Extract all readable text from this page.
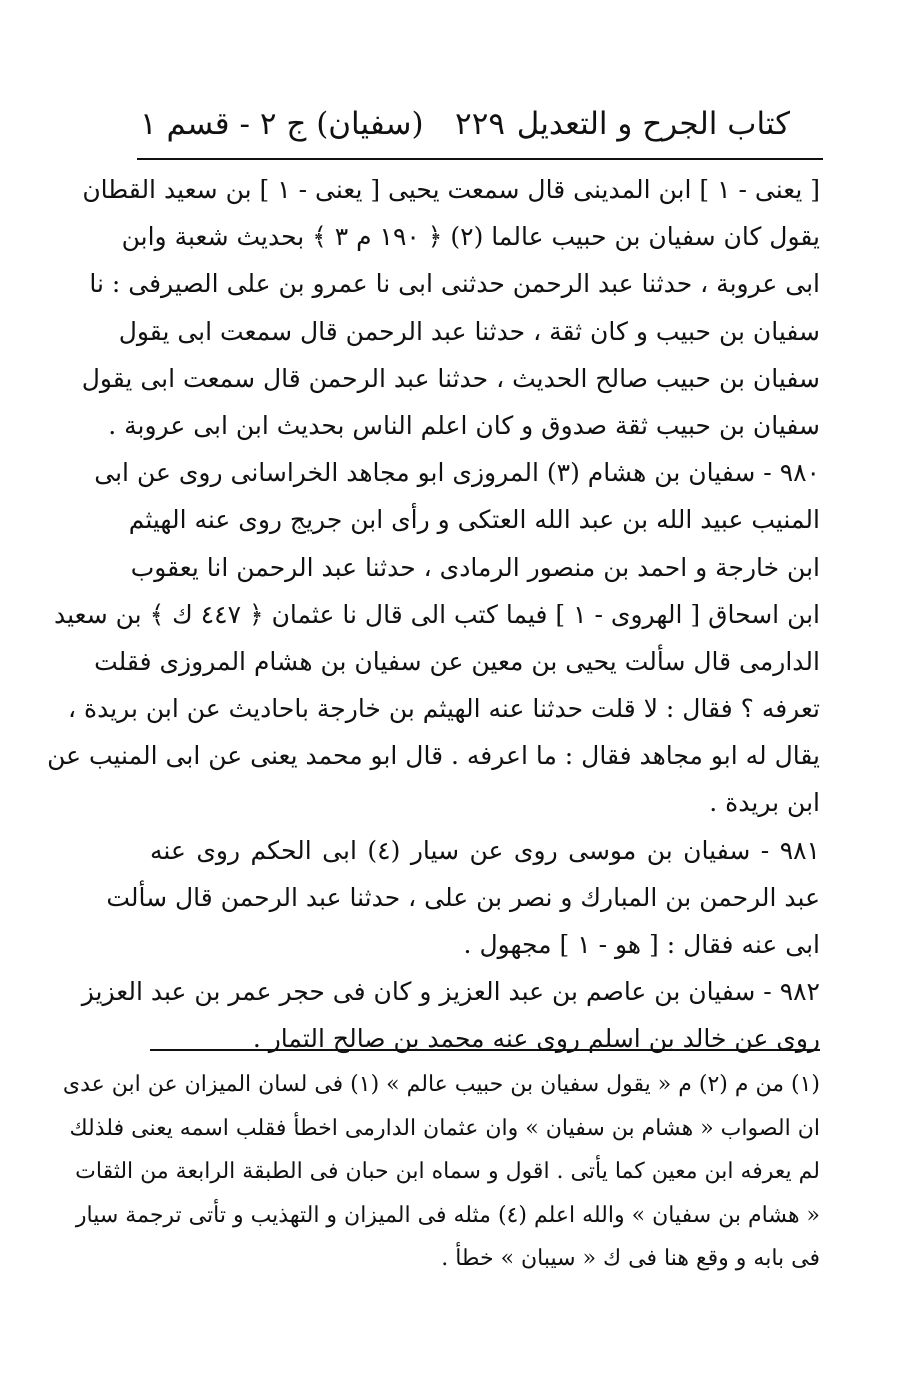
كتاب الجرح و التعديل
٢٢٩
(سفيان) ج ٢ - قسم ١
[ يعنى - ١ ] ابن المدينى قال سمعت يحيى [ يعنى - ١ ] بن سعيد القطان
يقول كان سفيان بن حبيب عالما (٢) ﴿ ١٩٠ م ٣ ﴾ بحديث شعبة وابن
ابى عروبة ، حدثنا عبد الرحمن حدثنى ابى نا عمرو بن على الصيرفى : نا
سفيان بن حبيب و كان ثقة ، حدثنا عبد الرحمن قال سمعت ابى يقول
سفيان بن حبيب صالح الحديث ، حدثنا عبد الرحمن قال سمعت ابى يقول
سفيان بن حبيب ثقة صدوق و كان اعلم الناس بحديث ابن ابى عروبة .
٩٨٠ - سفيان بن هشام (٣) المروزى ابو مجاهد الخراسانى روى عن ابى
المنيب عبيد الله بن عبد الله العتكى و رأى ابن جريج روى عنه الهيثم
ابن خارجة و احمد بن منصور الرمادى ، حدثنا عبد الرحمن انا يعقوب
ابن اسحاق [ الهروى - ١ ] فيما كتب الى قال نا عثمان ﴿ ٤٤٧ ك ﴾ بن سعيد
الدارمى قال سألت يحيى بن معين عن سفيان بن هشام المروزى فقلت
تعرفه ؟ فقال : لا قلت حدثنا عنه الهيثم بن خارجة باحاديث عن ابن بريدة ،
يقال له ابو مجاهد فقال : ما اعرفه . قال ابو محمد يعنى عن ابى المنيب عن
ابن بريدة .
٩٨١ - سفيان بن موسى روى عن سيار (٤) ابى الحكم روى عنه
عبد الرحمن بن المبارك و نصر بن على ، حدثنا عبد الرحمن قال سألت
ابى عنه فقال : [ هو - ١ ] مجهول .
٩٨٢ - سفيان بن عاصم بن عبد العزيز و كان فى حجر عمر بن عبد العزيز
روى عن خالد بن اسلم روى عنه محمد بن صالح التمار .
(١) من م (٢) م « يقول سفيان بن حبيب عالم » (١) فى لسان الميزان عن ابن عدى
ان الصواب « هشام بن سفيان » وان عثمان الدارمى اخطأ فقلب اسمه يعنى فلذلك
لم يعرفه ابن معين كما يأتى . اقول و سماه ابن حبان فى الطبقة الرابعة من الثقات
« هشام بن سفيان » والله اعلم (٤) مثله فى الميزان و التهذيب و تأتى ترجمة سيار
فى بابه و وقع هنا فى ك « سيبان » خطأ .
